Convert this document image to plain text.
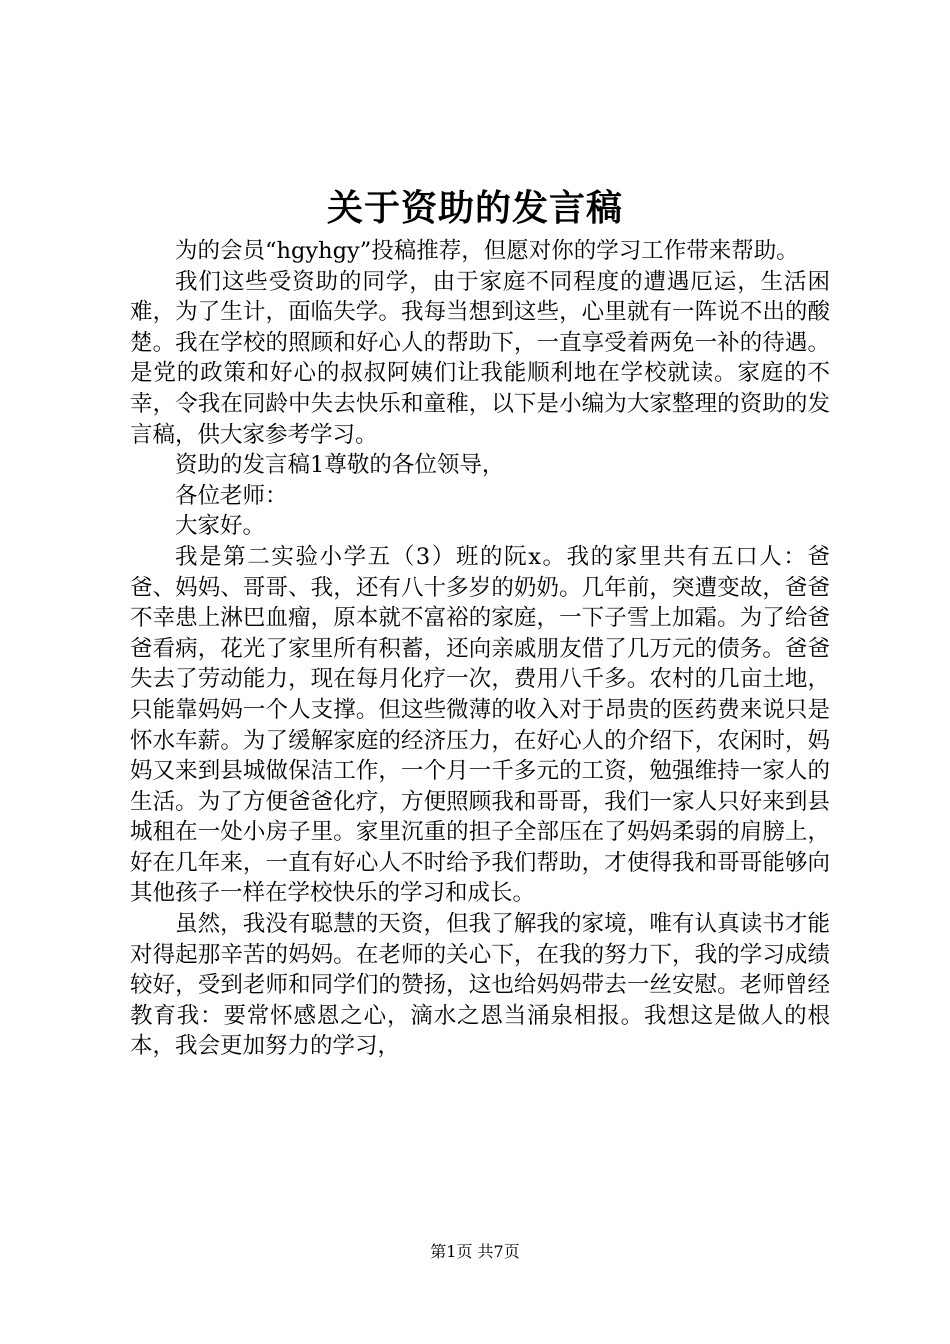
关于资助的发言稿

为的会员“hgyhgy”投稿推荐，但愿对你的学习工作带来帮助。

我们这些受资助的同学，由于家庭不同程度的遭遇厄运，生活困难，为了生计，面临失学。我每当想到这些，心里就有一阵说不出的酸楚。我在学校的照顾和好心人的帮助下，一直享受着两免一补的待遇。是党的政策和好心的叔叔阿姨们让我能顺利地在学校就读。家庭的不幸，令我在同龄中失去快乐和童稚，以下是小编为大家整理的资助的发言稿，供大家参考学习。

资助的发言稿1尊敬的各位领导，

各位老师：

大家好。

我是第二实验小学五（3）班的阮x。我的家里共有五口人：爸爸、妈妈、哥哥、我，还有八十多岁的奶奶。几年前，突遭变故，爸爸不幸患上淋巴血瘤，原本就不富裕的家庭，一下子雪上加霜。为了给爸爸看病，花光了家里所有积蓄，还向亲戚朋友借了几万元的债务。爸爸失去了劳动能力，现在每月化疗一次，费用八千多。农村的几亩土地，只能靠妈妈一个人支撑。但这些微薄的收入对于昂贵的医药费来说只是怀水车薪。为了缓解家庭的经济压力，在好心人的介绍下，农闲时，妈妈又来到县城做保洁工作，一个月一千多元的工资，勉强维持一家人的生活。为了方便爸爸化疗，方便照顾我和哥哥，我们一家人只好来到县城租在一处小房子里。家里沉重的担子全部压在了妈妈柔弱的肩膀上，好在几年来，一直有好心人不时给予我们帮助，才使得我和哥哥能够向其他孩子一样在学校快乐的学习和成长。

虽然，我没有聪慧的天资，但我了解我的家境，唯有认真读书才能对得起那辛苦的妈妈。在老师的关心下，在我的努力下，我的学习成绩较好，受到老师和同学们的赞扬，这也给妈妈带去一丝安慰。老师曾经教育我：要常怀感恩之心，滴水之恩当涌泉相报。我想这是做人的根本，我会更加努力的学习，

第1页 共7页
